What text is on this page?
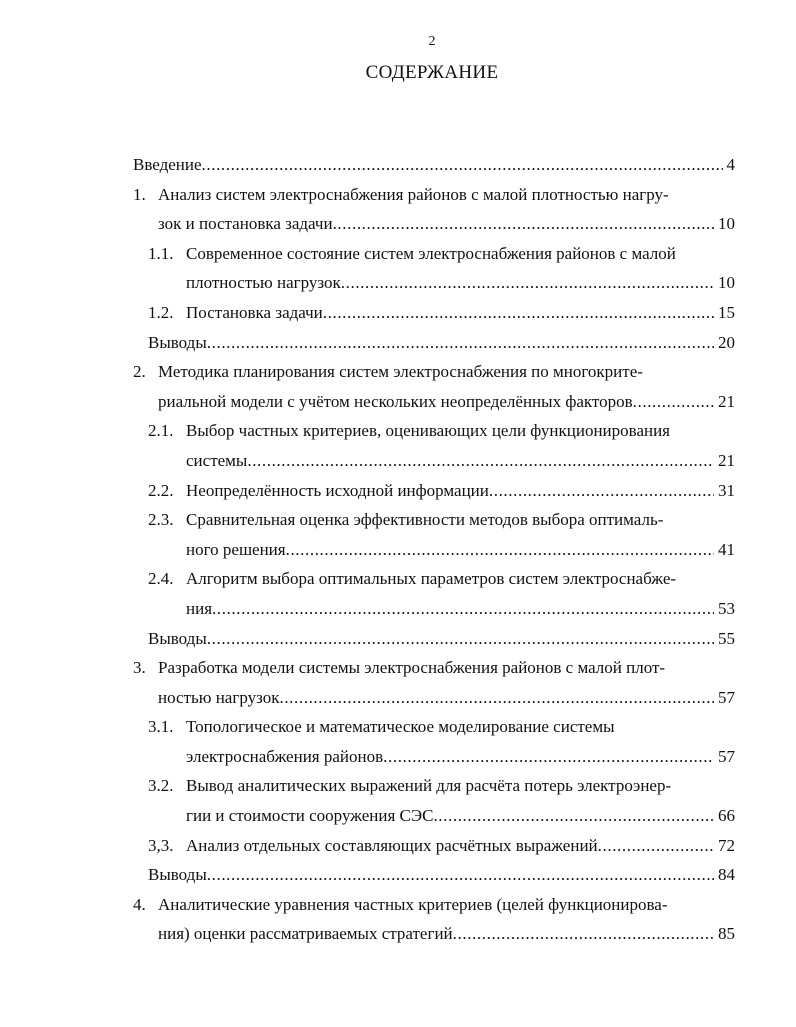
2
СОДЕРЖАНИЕ
Введение .....	4
1. Анализ систем электроснабжения районов с малой плотностью нагру-
зок и постановка задачи .....	10
1.1. Современное состояние систем электроснабжения районов с малой
плотностью нагрузок .....	10
1.2. Постановка задачи .....	15
Выводы .....	20
2. Методика планирования систем электроснабжения по многокрите-
риальной модели с учётом нескольких неопределённых факторов .....	21
2.1. Выбор частных критериев, оценивающих цели функционирования
системы .....	21
2.2. Неопределённость исходной информации .....	31
2.3. Сравнительная оценка эффективности методов выбора оптималь-
ного решения .....	41
2.4. Алгоритм выбора оптимальных параметров систем электроснабже-
ния .....	53
Выводы .....	55
3. Разработка модели системы электроснабжения районов с малой плот-
ностью нагрузок .....	57
3.1. Топологическое и математическое моделирование системы
электроснабжения районов .....	57
3.2. Вывод аналитических выражений для расчёта потерь электроэнер-
гии и стоимости сооружения СЭС .....	66
3,3. Анализ отдельных составляющих расчётных выражений .....	72
Выводы .....	84
4. Аналитические уравнения частных критериев (целей функционирова-
ния) оценки рассматриваемых стратегий .....	85
